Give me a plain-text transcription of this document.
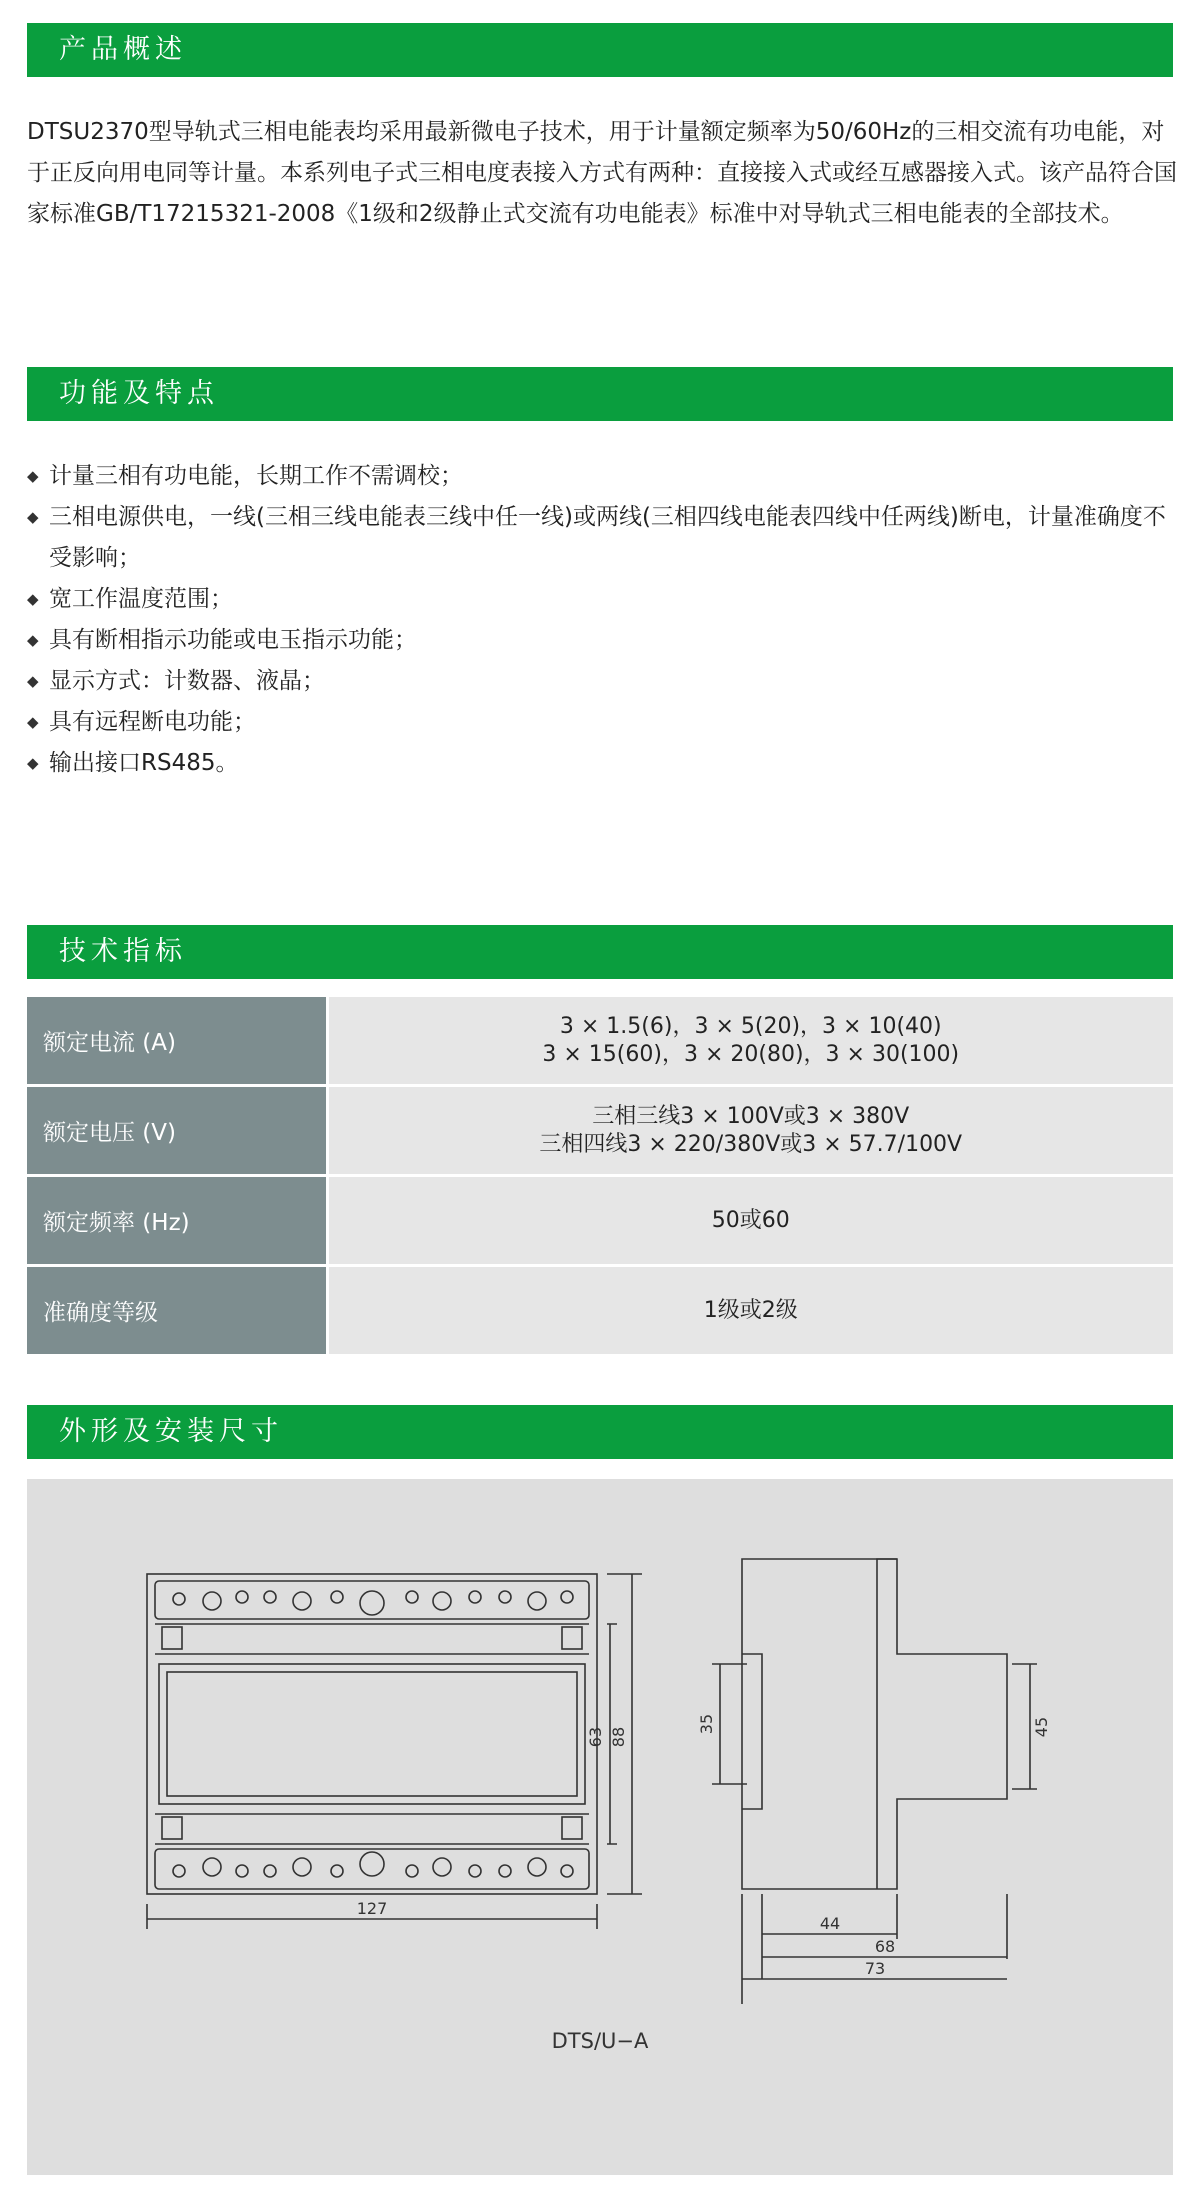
产品概述
DTSU2370型导轨式三相电能表均采用最新微电子技术，用于计量额定频率为50/60Hz的三相交流有功电能，对于正反向用电同等计量。本系列电子式三相电度表接入方式有两种：直接接入式或经互感器接入式。该产品符合国家标准GB/T17215321-2008《1级和2级静止式交流有功电能表》标准中对导轨式三相电能表的全部技术。
功能及特点
◆ 计量三相有功电能，长期工作不需调校；
◆ 三相电源供电，一线(三相三线电能表三线中任一线)或两线(三相四线电能表四线中任两线)断电，计量准确度不受影响；
◆ 宽工作温度范围；
◆ 具有断相指示功能或电玉指示功能；
◆ 显示方式：计数器、液晶；
◆ 具有远程断电功能；
◆ 输出接口RS485。
技术指标
额定电流 (A)	3 × 1.5(6)，3 × 5(20)，3 × 10(40)
3 × 15(60)，3 × 20(80)，3 × 30(100)

额定电压 (V)	三相三线3 × 100V或3 × 380V
三相四线3 × 220/380V或3 × 57.7/100V

额定频率 (Hz)	50或60
准确度等级	1级或2级
外形及安装尺寸
127
63 88
35	45
44
68
73
DTS/U−A
